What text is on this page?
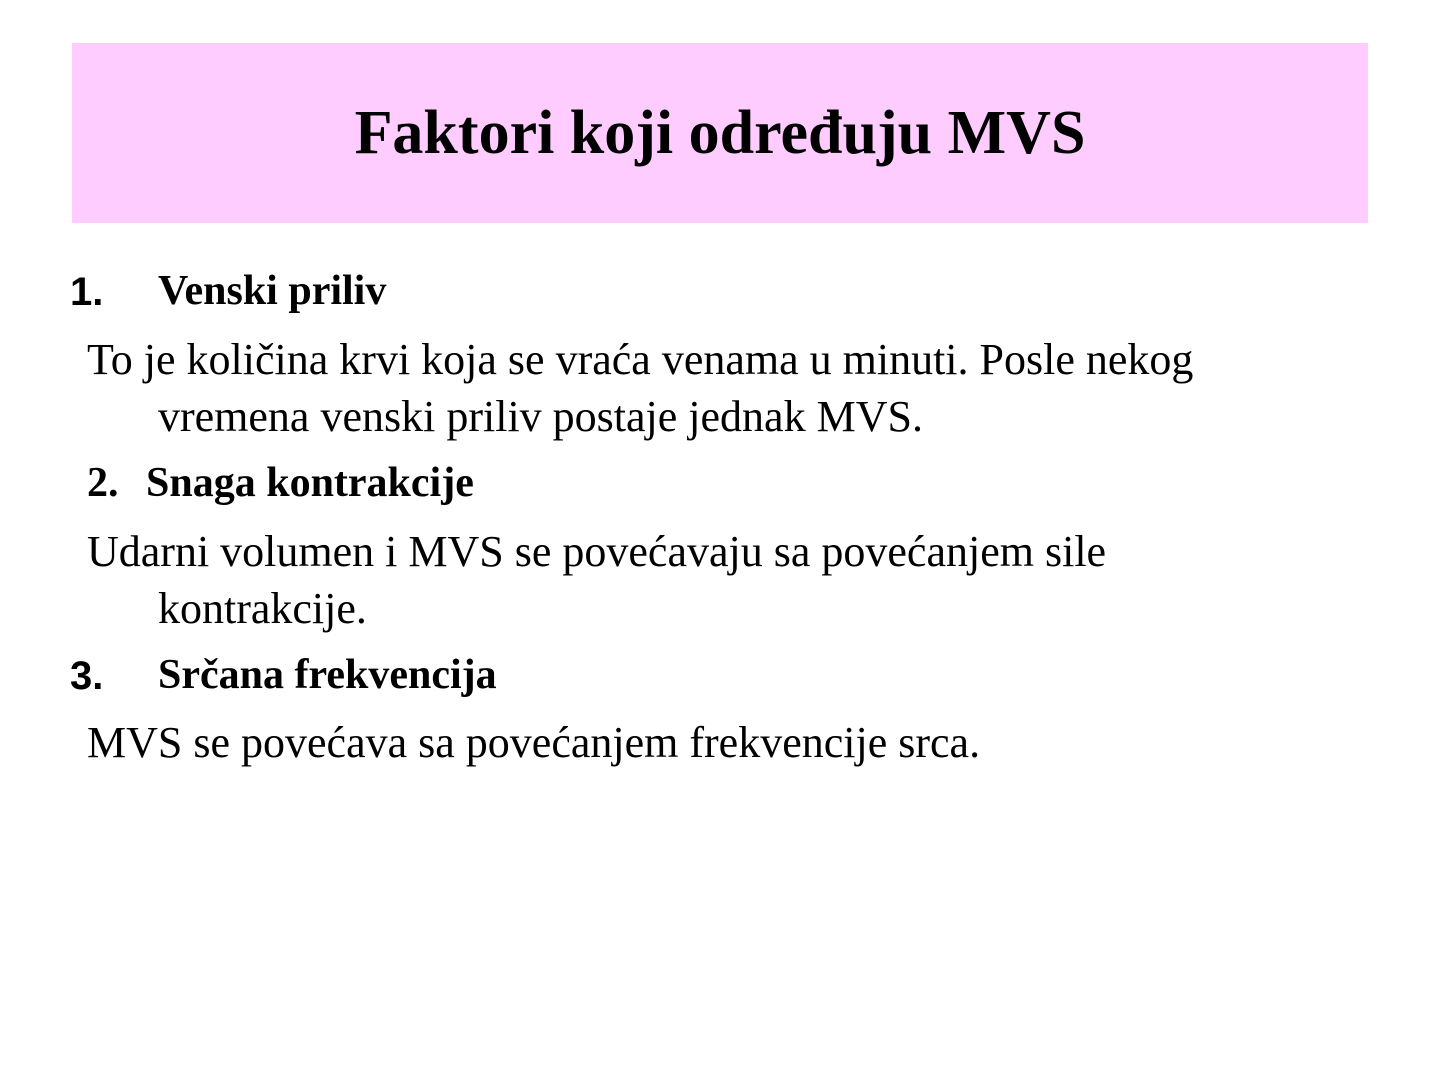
Faktori koji određuju MVS
1. Venski priliv
To je količina krvi koja se vraća venama u minuti. Posle nekog
vremena venski priliv postaje jednak MVS.
2. Snaga kontrakcije
Udarni volumen i MVS se povećavaju sa povećanjem sile
kontrakcije.
3. Srčana frekvencija
MVS se povećava sa povećanjem frekvencije srca.
